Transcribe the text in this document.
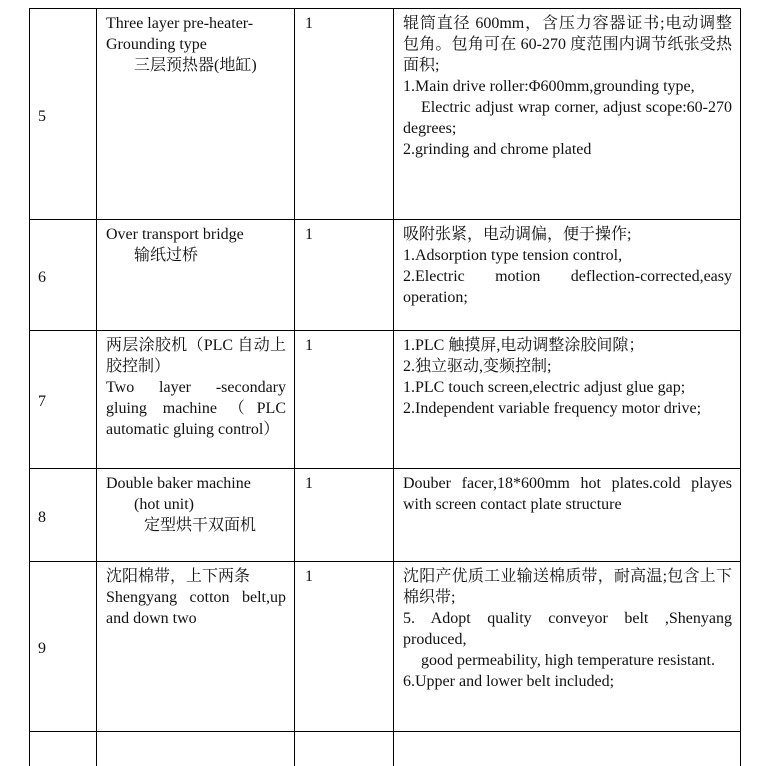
5	Three layer pre-heater-Grounding type
三层预热器(地缸)	1	辊筒直径 600mm，含压力容器证书;电动调整包角。包角可在 60-270 度范围内调节纸张受热面积;
1.Main drive roller:Φ600mm,grounding type,
Electric adjust wrap corner, adjust scope:60-270 degrees;
2.grinding and chrome plated

6	Over transport bridge
输纸过桥	1	吸附张紧，电动调偏，便于操作;
1.Adsorption type tension control,
2.Electric motion deflection-corrected,easy operation;

7	两层涂胶机（PLC 自动上胶控制）
Two layer -secondary gluing machine（PLC automatic gluing control）	1	1.PLC 触摸屏,电动调整涂胶间隙；
2.独立驱动,变频控制;
1.PLC touch screen,electric adjust glue gap;
2.Independent variable frequency motor drive;

8	Double baker machine
(hot unit)
定型烘干双面机	1	Douber facer,18*600mm hot plates.cold playes with screen contact plate structure

9	沈阳棉带，上下两条
Shengyang cotton belt,up and down two	1	沈阳产优质工业输送棉质带，耐高温;包含上下棉织带;
5. Adopt quality conveyor belt ,Shenyang produced,
good permeability, high temperature resistant.
6.Upper and lower belt included;
